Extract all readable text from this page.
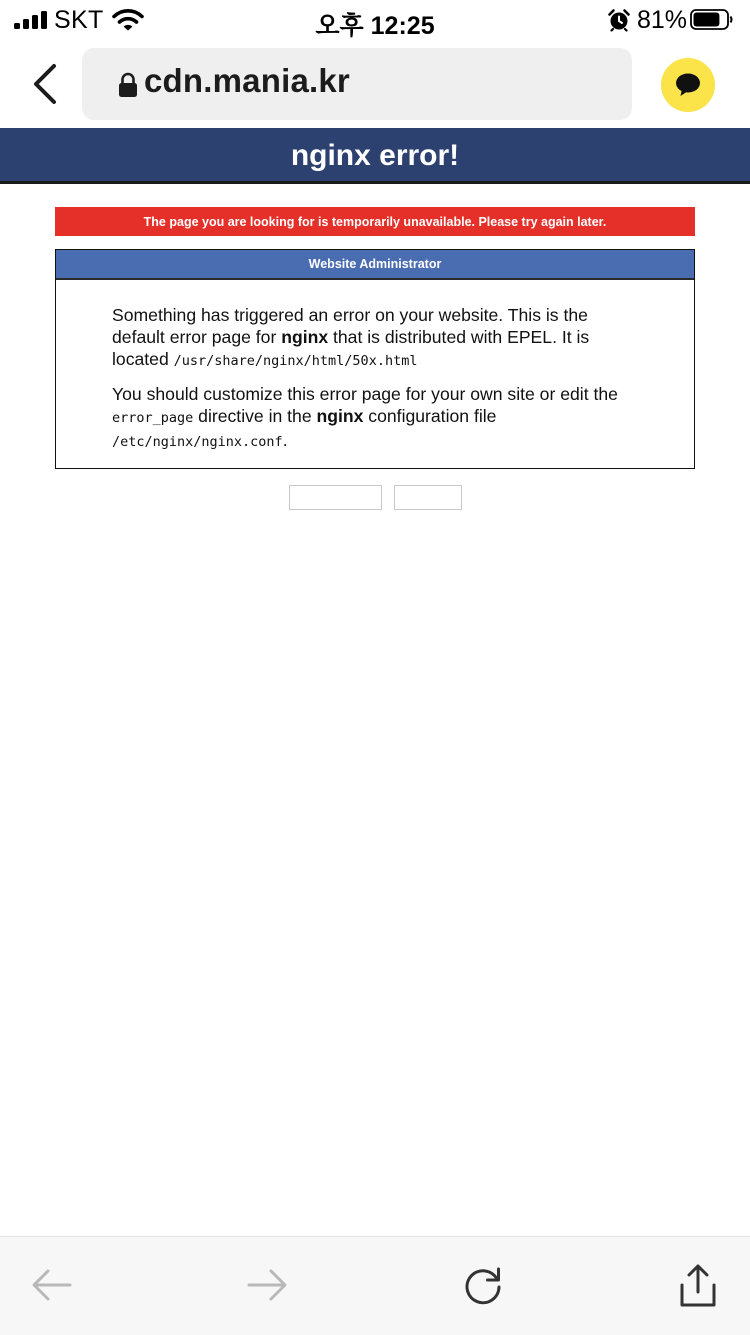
SKT	오후 12:25	81%
cdn.mania.kr
nginx error!
The page you are looking for is temporarily unavailable. Please try again later.
Website Administrator

Something has triggered an error on your website. This is the default error page for nginx that is distributed with EPEL. It is located /usr/share/nginx/html/50x.html

You should customize this error page for your own site or edit the error_page directive in the nginx configuration file /etc/nginx/nginx.conf.
